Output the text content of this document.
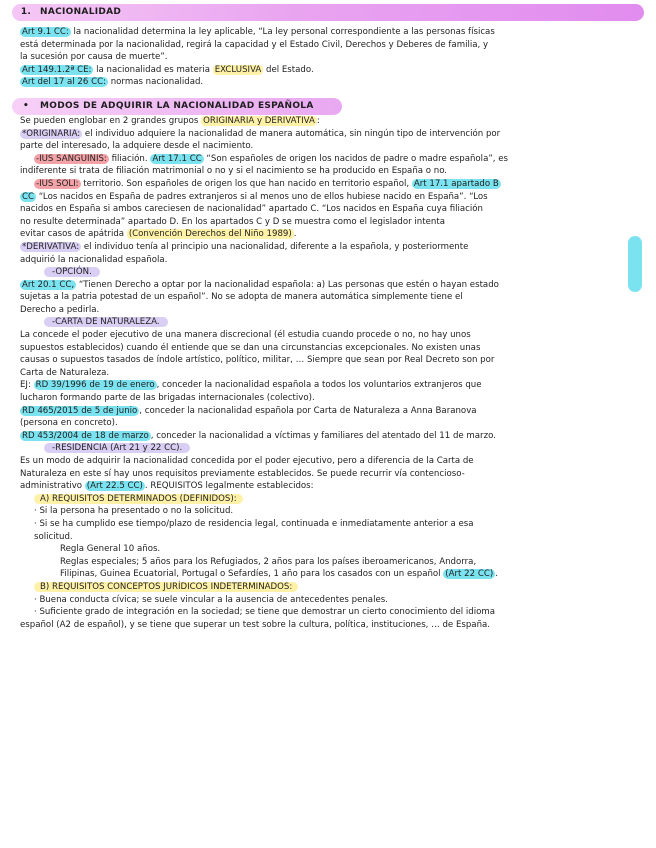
1. NACIONALIDAD

Art 9.1 CC: la nacionalidad determina la ley aplicable, “La ley personal correspondiente a las personas físicas

está determinada por la nacionalidad, regirá la capacidad y el Estado Civil, Derechos y Deberes de familia, y

la sucesión por causa de muerte”.

Art 149.1.2ª CE: la nacionalidad es materia EXCLUSIVA del Estado.

Art del 17 al 26 CC: normas nacionalidad.

•	MODOS DE ADQUIRIR LA NACIONALIDAD ESPAÑOLA

Se pueden englobar en 2 grandes grupos ORIGINARIA y DERIVATIVA :

*ORIGINARIA: el individuo adquiere la nacionalidad de manera automática, sin ningún tipo de intervención por

parte del interesado, la adquiere desde el nacimiento.

-IUS SANGUINIS: filiación. Art 17.1 CC “Son españoles de origen los nacidos de padre o madre española”, es

indiferente si trata de filiación matrimonial o no y si el nacimiento se ha producido en España o no.

-IUS SOLI: territorio. Son españoles de origen los que han nacido en territorio español, Art 17.1 apartado B

CC “Los nacidos en España de padres extranjeros si al menos uno de ellos hubiese nacido en España”. “Los

nacidos en España si ambos careciesen de nacionalidad” apartado C. “Los nacidos en España cuya filiación

no resulte determinada” apartado D. En los apartados C y D se muestra como el legislador intenta

evitar casos de apátrida (Convención Derechos del Niño 1989) .

*DERIVATIVA: el individuo tenía al principio una nacionalidad, diferente a la española, y posteriormente

adquirió la nacionalidad española.

-OPCIÓN.

Art 20.1 CC, “Tienen Derecho a optar por la nacionalidad española: a) Las personas que estén o hayan estado

sujetas a la patria potestad de un español”. No se adopta de manera automática simplemente tiene el

Derecho a pedirla.

-CARTA DE NATURALEZA.

La concede el poder ejecutivo de una manera discrecional (él estudia cuando procede o no, no hay unos

supuestos establecidos) cuando él entiende que se dan una circunstancias excepcionales. No existen unas

causas o supuestos tasados de índole artístico, político, militar, … Siempre que sean por Real Decreto son por

Carta de Naturaleza.

EJ: RD 39/1996 de 19 de enero , conceder la nacionalidad española a todos los voluntarios extranjeros que

lucharon formando parte de las brigadas internacionales (colectivo).

RD 465/2015 de 5 de junio , conceder la nacionalidad española por Carta de Naturaleza a Anna Baranova

(persona en concreto).

RD 453/2004 de 18 de marzo , conceder la nacionalidad a víctimas y familiares del atentado del 11 de marzo.

-RESIDENCIA (Art 21 y 22 CC).

Es un modo de adquirir la nacionalidad concedida por el poder ejecutivo, pero a diferencia de la Carta de

Naturaleza en este sí hay unos requisitos previamente establecidos. Se puede recurrir vía contencioso-

administrativo (Art 22.5 CC) . REQUISITOS legalmente establecidos:

A) REQUISITOS DETERMINADOS (DEFINIDOS):

· Si la persona ha presentado o no la solicitud.

· Si se ha cumplido ese tiempo/plazo de residencia legal, continuada e inmediatamente anterior a esa

solicitud.

Regla General 10 años.

Reglas especiales; 5 años para los Refugiados, 2 años para los países iberoamericanos, Andorra,

Filipinas, Guinea Ecuatorial, Portugal o Sefardíes, 1 año para los casados con un español (Art 22 CC) .

B) REQUISITOS CONCEPTOS JURÍDICOS INDETERMINADOS:

· Buena conducta cívica; se suele vincular a la ausencia de antecedentes penales.

· Suficiente grado de integración en la sociedad; se tiene que demostrar un cierto conocimiento del idioma

español (A2 de español), y se tiene que superar un test sobre la cultura, política, instituciones, … de España.
